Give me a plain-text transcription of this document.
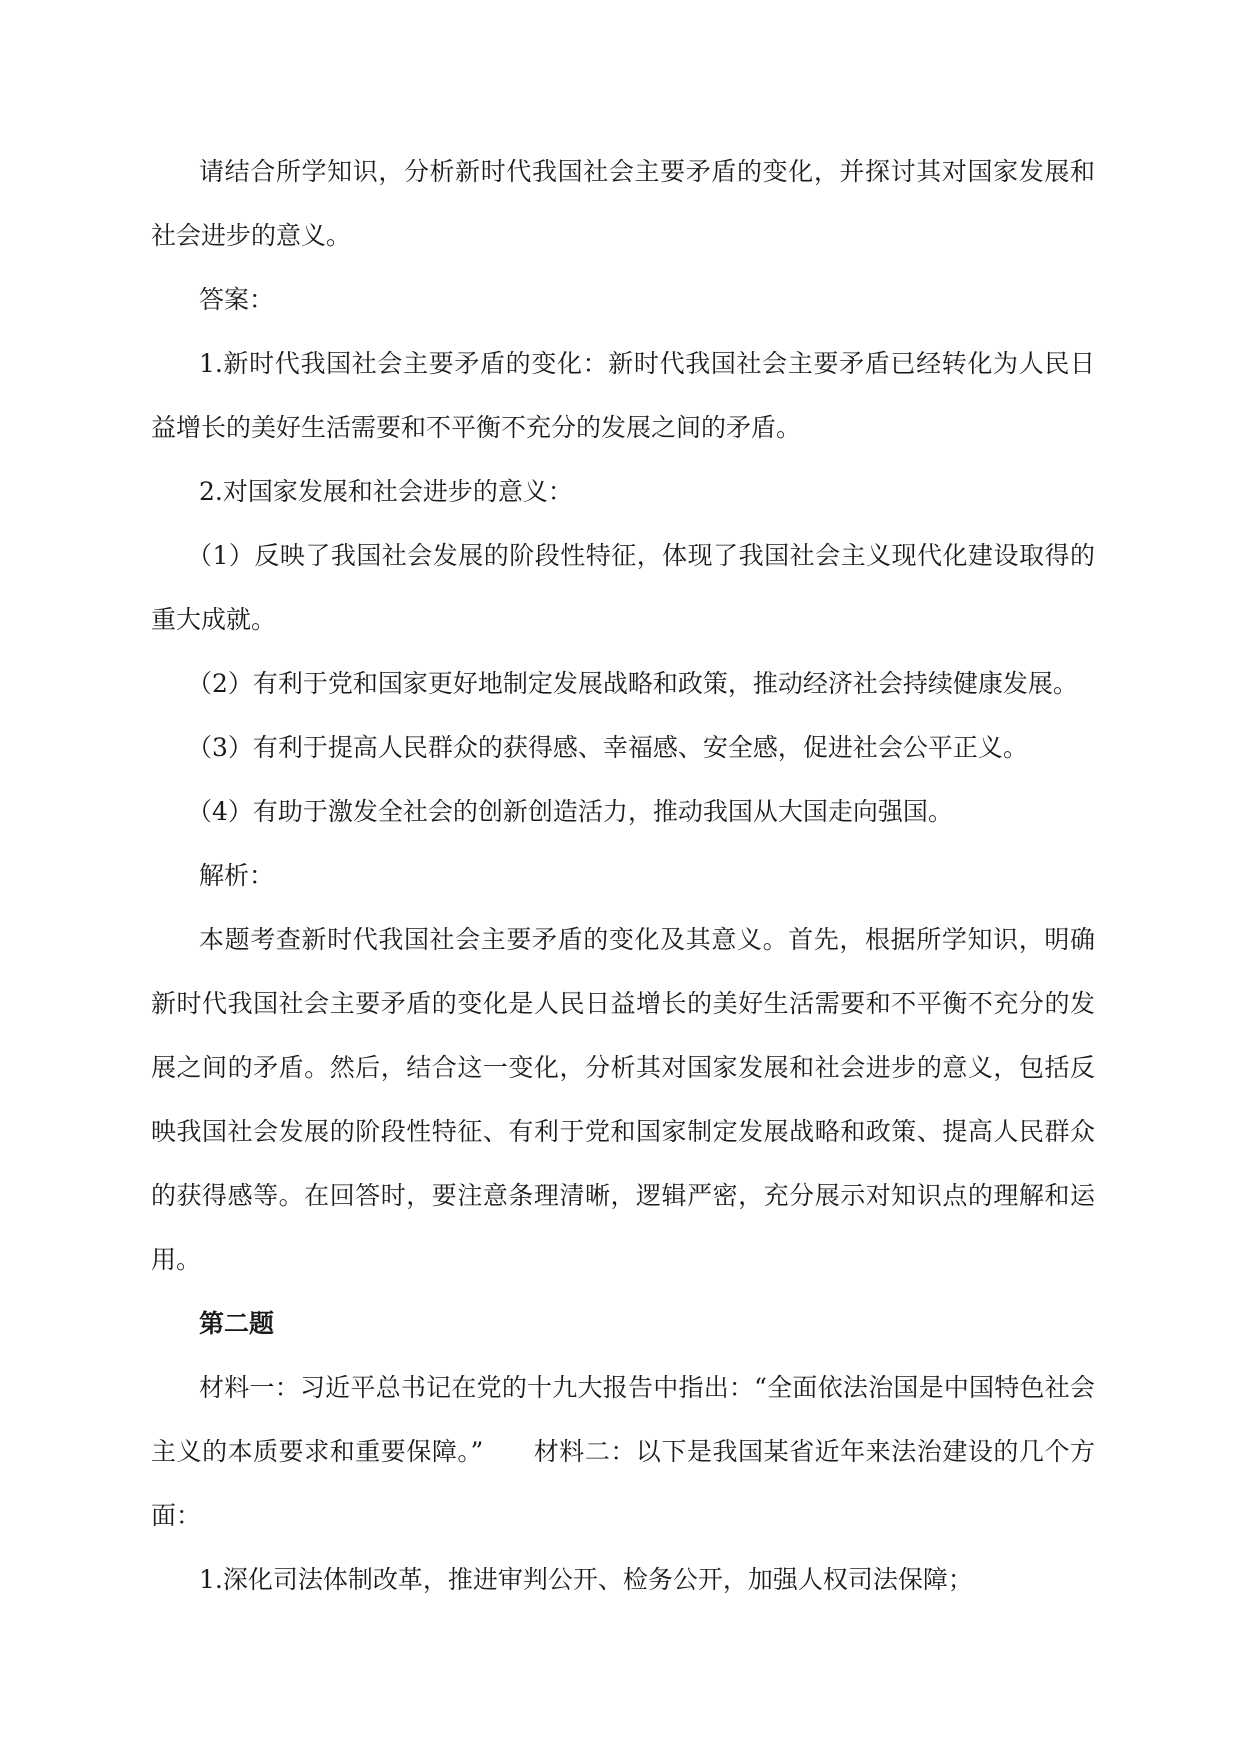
请结合所学知识，分析新时代我国社会主要矛盾的变化，并探讨其对国家发展和社会进步的意义。

答案：

1.新时代我国社会主要矛盾的变化：新时代我国社会主要矛盾已经转化为人民日益增长的美好生活需要和不平衡不充分的发展之间的矛盾。

2.对国家发展和社会进步的意义：

（1）反映了我国社会发展的阶段性特征，体现了我国社会主义现代化建设取得的重大成就。

（2）有利于党和国家更好地制定发展战略和政策，推动经济社会持续健康发展。

（3）有利于提高人民群众的获得感、幸福感、安全感，促进社会公平正义。

（4）有助于激发全社会的创新创造活力，推动我国从大国走向强国。

解析：

本题考查新时代我国社会主要矛盾的变化及其意义。首先，根据所学知识，明确新时代我国社会主要矛盾的变化是人民日益增长的美好生活需要和不平衡不充分的发展之间的矛盾。然后，结合这一变化，分析其对国家发展和社会进步的意义，包括反映我国社会发展的阶段性特征、有利于党和国家制定发展战略和政策、提高人民群众的获得感等。在回答时，要注意条理清晰，逻辑严密，充分展示对知识点的理解和运用。

第二题

材料一：习近平总书记在党的十九大报告中指出：“全面依法治国是中国特色社会主义的本质要求和重要保障。” 材料二：以下是我国某省近年来法治建设的几个方面：

1.深化司法体制改革，推进审判公开、检务公开，加强人权司法保障；
